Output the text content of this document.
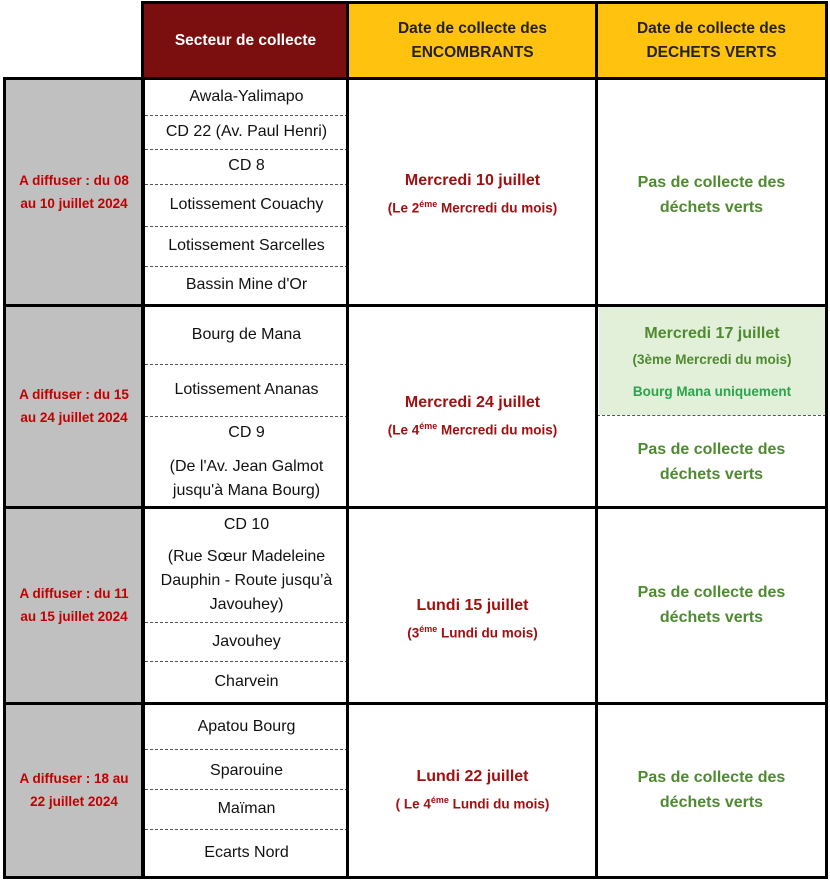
Secteur de collecte
Date de collecte des
ENCOMBRANTS
Date de collecte des
DECHETS VERTS
A diffuser : du 08
au 10 juillet 2024
Awala-Yalimapo
CD 22 (Av. Paul Henri)
CD 8
Lotissement Couachy
Lotissement Sarcelles
Bassin Mine d'Or
Mercredi 10 juillet
(Le $2^{éme}$ Mercredi du mois)
Pas de collecte des
déchets verts
A diffuser : du 15
au 24 juillet 2024
Bourg de Mana
Lotissement Ananas
CD 9
(De l'Av. Jean Galmot
jusqu'à Mana Bourg)
Mercredi 24 juillet
(Le $4^{éme}$ Mercredi du mois)
Mercredi 17 juillet
(3ème Mercredi du mois)
Bourg Mana uniquement
Pas de collecte des
déchets verts
A diffuser : du 11
au 15 juillet 2024
CD 10
(Rue Sœur Madeleine
Dauphin - Route jusqu’à
Javouhey)
Javouhey
Charvein
Lundi 15 juillet
($3^{éme}$ Lundi du mois)
Pas de collecte des
déchets verts
A diffuser : 18 au
22 juillet 2024
Apatou Bourg
Sparouine
Maïman
Ecarts Nord
Lundi 22 juillet
( Le $4^{éme}$ Lundi du mois)
Pas de collecte des
déchets verts
